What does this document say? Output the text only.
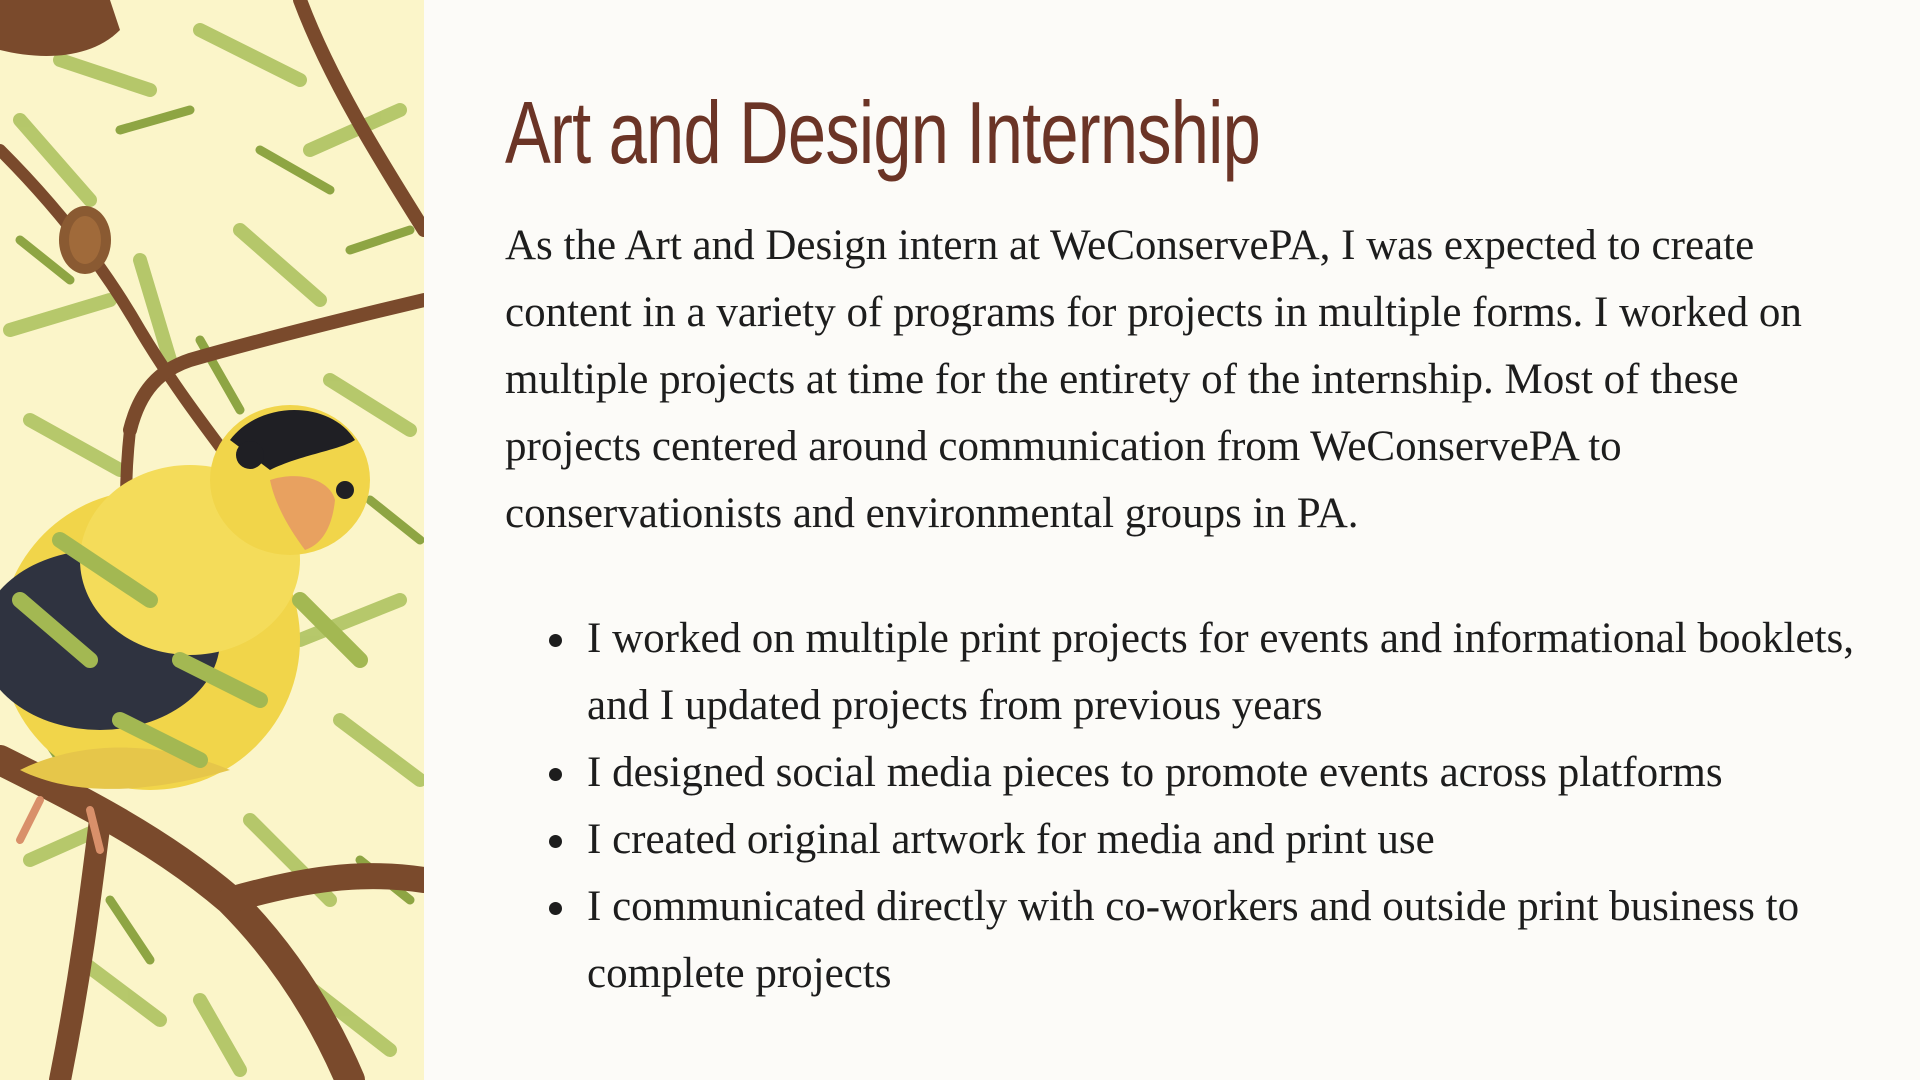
Art and Design Internship

As the Art and Design intern at WeConservePA, I was expected to create content in a variety of programs for projects in multiple forms. I worked on multiple projects at time for the entirety of the internship. Most of these projects centered around communication from WeConservePA to conservationists and environmental groups in PA.

I worked on multiple print projects for events and informational booklets, and I updated projects from previous years
I designed social media pieces to promote events across platforms
I created original artwork for media and print use
I communicated directly with co-workers and outside print business to complete projects
